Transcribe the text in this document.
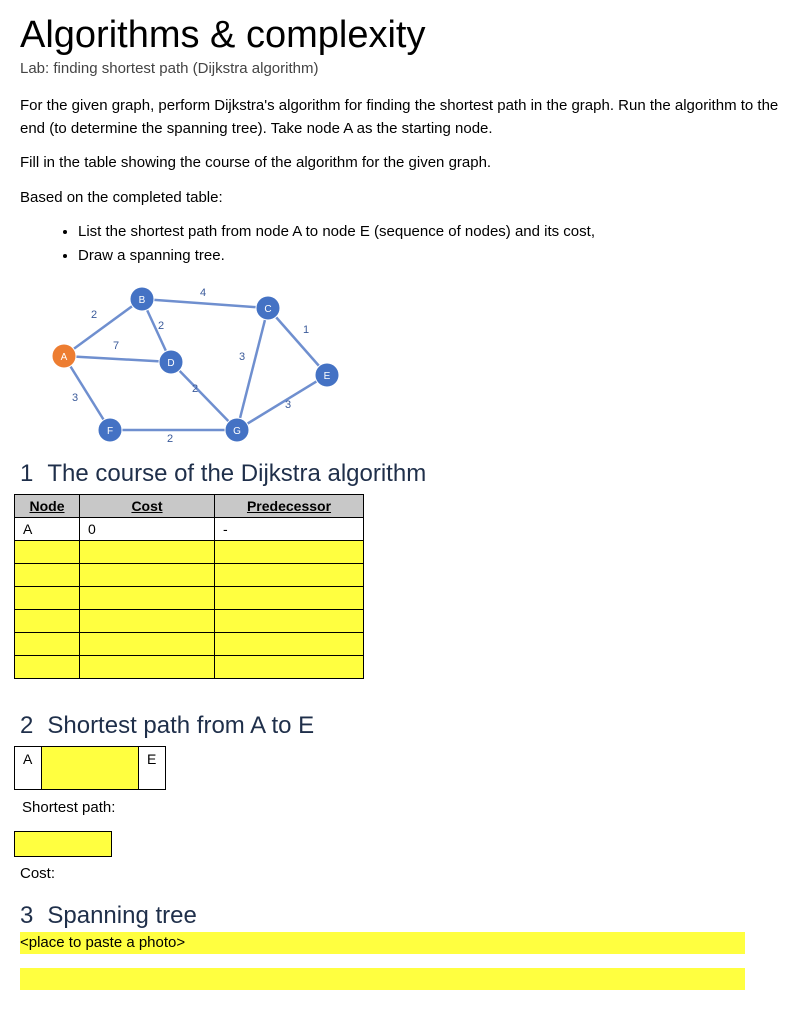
Algorithms & complexity
Lab: finding shortest path (Dijkstra algorithm)
For the given graph, perform Dijkstra's algorithm for finding the shortest path in the graph. Run the algorithm to the end (to determine the spanning tree). Take node A as the starting node.
Fill in the table showing the course of the algorithm for the given graph.
Based on the completed table:
• List the shortest path from node A to node E (sequence of nodes) and its cost,
• Draw a spanning tree.
2
7
3
4
2	1
3
2
3
2
A
B
C
D
E
F	G
1 The course of the Dijkstra algorithm
Node	Cost	Predecessor
A	0	-

2 Shortest path from A to E
A	E
Shortest path:
Cost:
3 Spanning tree
<place to paste a photo>
